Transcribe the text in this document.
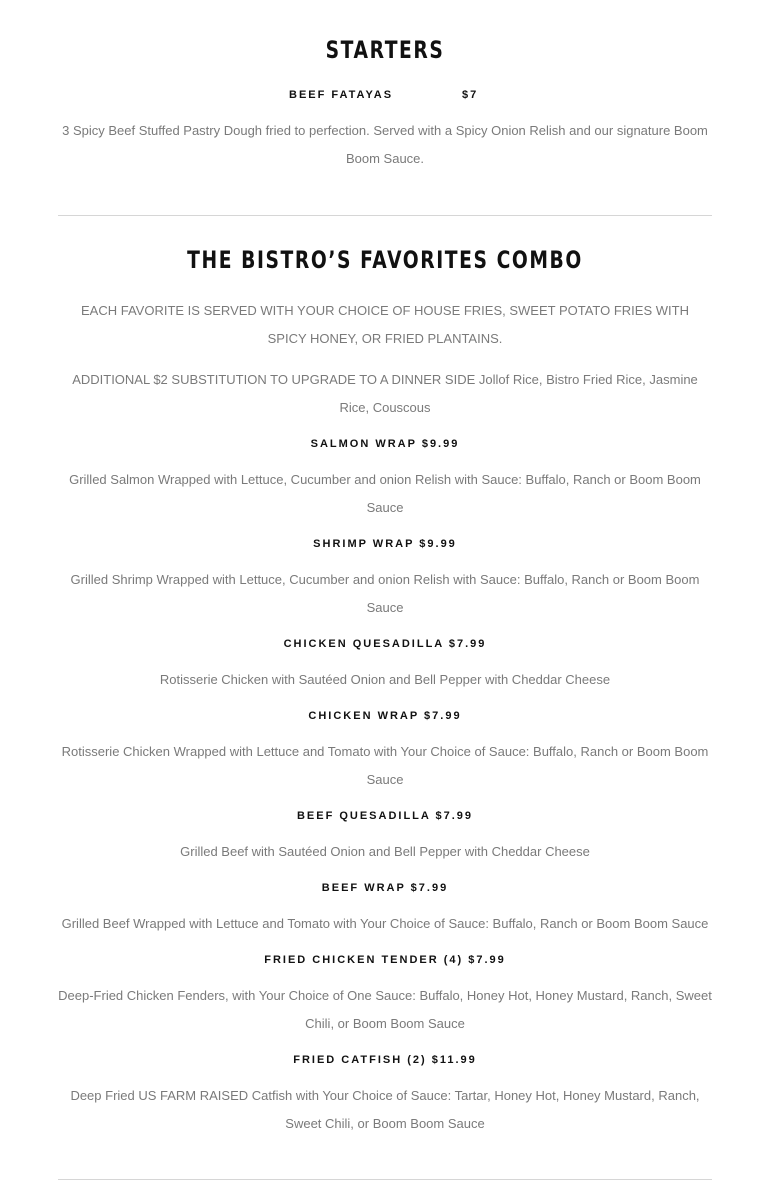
STARTERS
BEEF FATAYAS	$7
3 Spicy Beef Stuffed Pastry Dough fried to perfection. Served with a Spicy Onion Relish and our signature Boom Boom Sauce.
THE BISTRO’S FAVORITES COMBO
EACH FAVORITE IS SERVED WITH YOUR CHOICE OF HOUSE FRIES, SWEET POTATO FRIES WITH SPICY HONEY, OR FRIED PLANTAINS.
ADDITIONAL $2 SUBSTITUTION TO UPGRADE TO A DINNER SIDE Jollof Rice, Bistro Fried Rice, Jasmine Rice, Couscous
SALMON WRAP $9.99
Grilled Salmon Wrapped with Lettuce, Cucumber and onion Relish with Sauce: Buffalo, Ranch or Boom Boom Sauce
SHRIMP WRAP $9.99
Grilled Shrimp Wrapped with Lettuce, Cucumber and onion Relish with Sauce: Buffalo, Ranch or Boom Boom Sauce
CHICKEN QUESADILLA $7.99
Rotisserie Chicken with Sautéed Onion and Bell Pepper with Cheddar Cheese
CHICKEN WRAP $7.99
Rotisserie Chicken Wrapped with Lettuce and Tomato with Your Choice of Sauce: Buffalo, Ranch or Boom Boom Sauce
BEEF QUESADILLA $7.99
Grilled Beef with Sautéed Onion and Bell Pepper with Cheddar Cheese
BEEF WRAP $7.99
Grilled Beef Wrapped with Lettuce and Tomato with Your Choice of Sauce: Buffalo, Ranch or Boom Boom Sauce
FRIED CHICKEN TENDER (4) $7.99
Deep-Fried Chicken Fenders, with Your Choice of One Sauce: Buffalo, Honey Hot, Honey Mustard, Ranch, Sweet Chili, or Boom Boom Sauce
FRIED CATFISH (2) $11.99
Deep Fried US FARM RAISED Catfish with Your Choice of Sauce: Tartar, Honey Hot, Honey Mustard, Ranch, Sweet Chili, or Boom Boom Sauce
